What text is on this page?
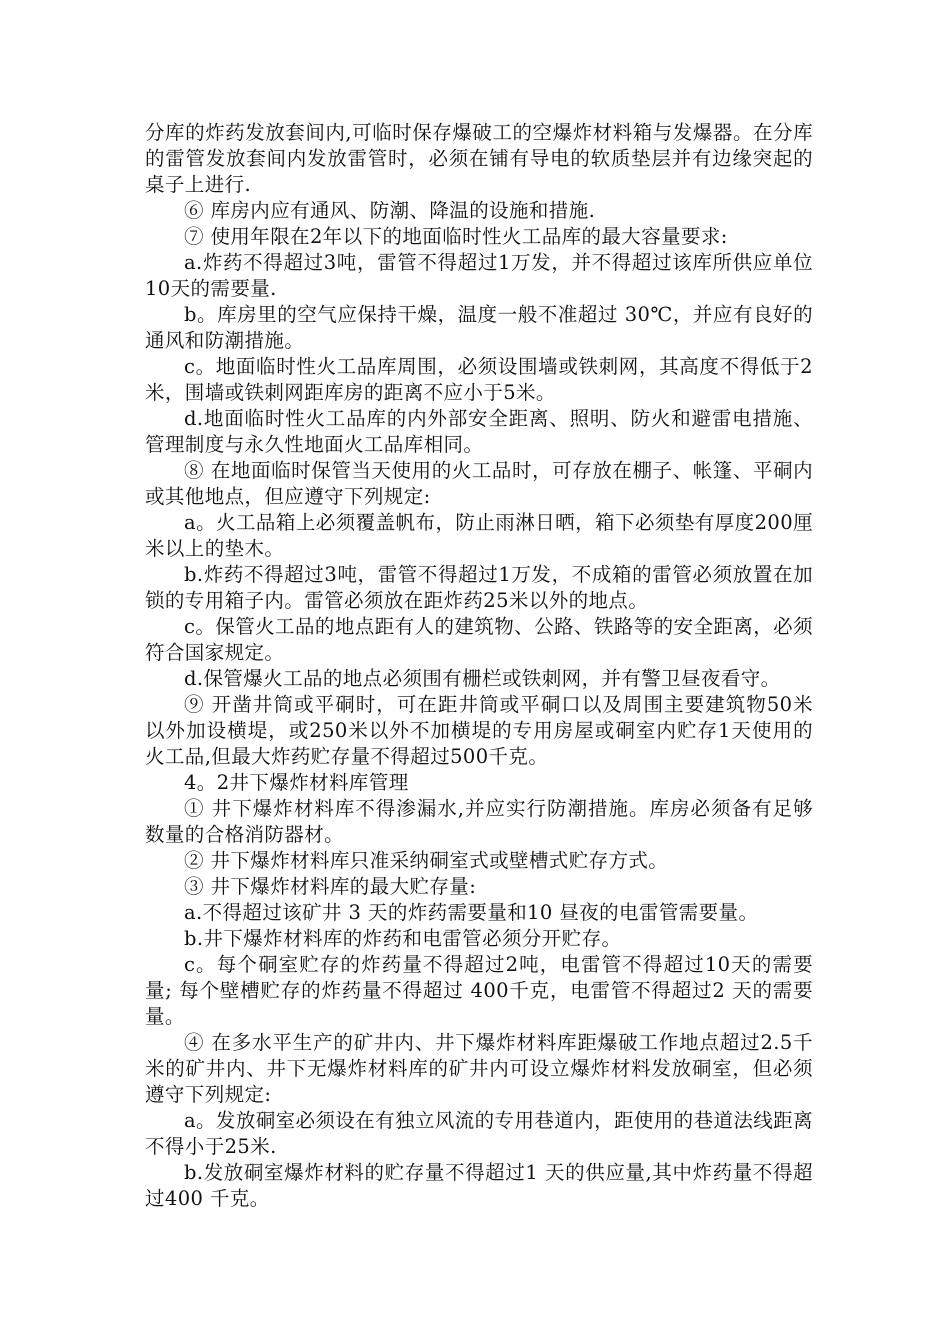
分库的炸药发放套间内,可临时保存爆破工的空爆炸材料箱与发爆器。在分库的雷管发放套间内发放雷管时，必须在铺有导电的软质垫层并有边缘突起的桌子上进行.

⑥ 库房内应有通风、防潮、降温的设施和措施.

⑦ 使用年限在2年以下的地面临时性火工品库的最大容量要求:

a.炸药不得超过3吨，雷管不得超过1万发，并不得超过该库所供应单位10天的需要量.

b。库房里的空气应保持干燥，温度一般不准超过 30℃，并应有良好的通风和防潮措施。

c。地面临时性火工品库周围，必须设围墙或铁刺网，其高度不得低于2米，围墙或铁刺网距库房的距离不应小于5米。

d.地面临时性火工品库的内外部安全距离、照明、防火和避雷电措施、管理制度与永久性地面火工品库相同。

⑧ 在地面临时保管当天使用的火工品时，可存放在棚子、帐篷、平硐内或其他地点，但应遵守下列规定:

a。火工品箱上必须覆盖帆布，防止雨淋日晒，箱下必须垫有厚度200厘米以上的垫木。

b.炸药不得超过3吨，雷管不得超过1万发，不成箱的雷管必须放置在加锁的专用箱子内。雷管必须放在距炸药25米以外的地点。

c。保管火工品的地点距有人的建筑物、公路、铁路等的安全距离，必须符合国家规定。

d.保管爆火工品的地点必须围有栅栏或铁刺网，并有警卫昼夜看守。

⑨ 开凿井筒或平硐时，可在距井筒或平硐口以及周围主要建筑物50米以外加设横堤，或250米以外不加横堤的专用房屋或硐室内贮存1天使用的火工品,但最大炸药贮存量不得超过500千克。

4。2井下爆炸材料库管理

① 井下爆炸材料库不得渗漏水,并应实行防潮措施。库房必须备有足够数量的合格消防器材。

② 井下爆炸材料库只准采纳硐室式或壁槽式贮存方式。

③ 井下爆炸材料库的最大贮存量:

a.不得超过该矿井 3 天的炸药需要量和10 昼夜的电雷管需要量。

b.井下爆炸材料库的炸药和电雷管必须分开贮存。

c。每个硐室贮存的炸药量不得超过2吨，电雷管不得超过10天的需要量; 每个壁槽贮存的炸药量不得超过 400千克，电雷管不得超过2 天的需要量。

④ 在多水平生产的矿井内、井下爆炸材料库距爆破工作地点超过2.5千米的矿井内、井下无爆炸材料库的矿井内可设立爆炸材料发放硐室，但必须遵守下列规定:

a。发放硐室必须设在有独立风流的专用巷道内，距使用的巷道法线距离不得小于25米.

b.发放硐室爆炸材料的贮存量不得超过1 天的供应量,其中炸药量不得超过400 千克。
